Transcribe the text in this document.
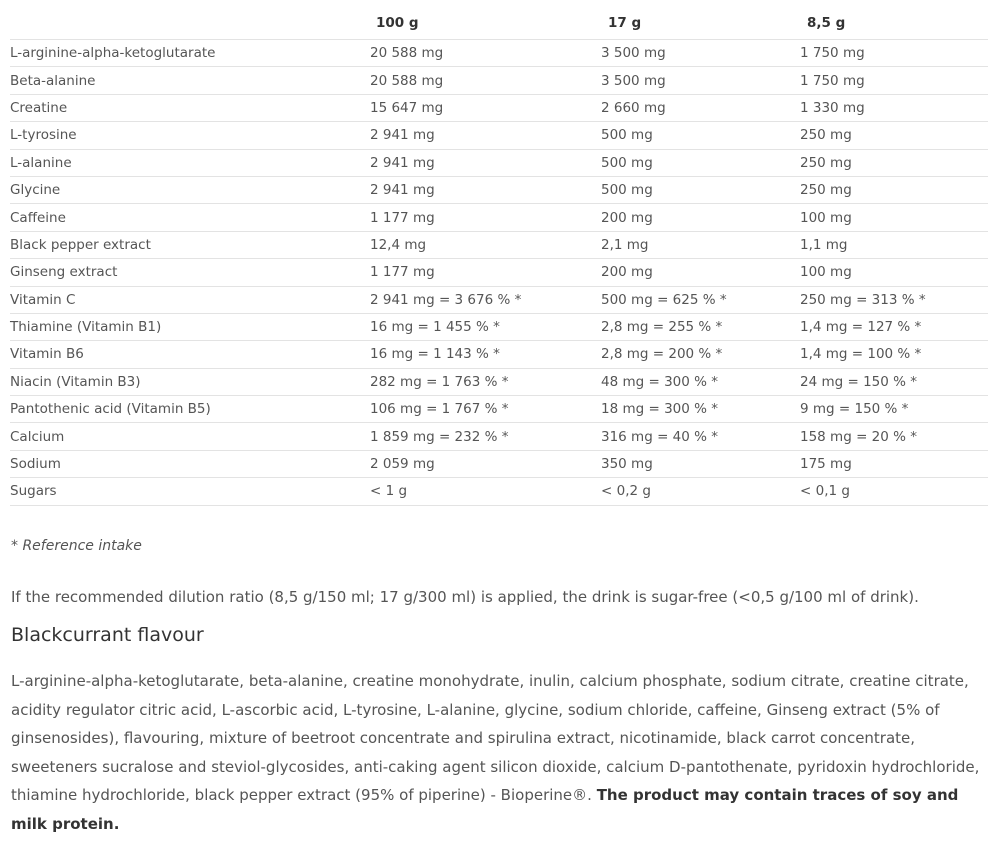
	100 g	17 g	8,5 g
L-arginine-alpha-ketoglutarate	20 588 mg	3 500 mg	1 750 mg
Beta-alanine	20 588 mg	3 500 mg	1 750 mg
Creatine	15 647 mg	2 660 mg	1 330 mg
L-tyrosine	2 941 mg	500 mg	250 mg
L-alanine	2 941 mg	500 mg	250 mg
Glycine	2 941 mg	500 mg	250 mg
Caffeine	1 177 mg	200 mg	100 mg
Black pepper extract	12,4 mg	2,1 mg	1,1 mg
Ginseng extract	1 177 mg	200 mg	100 mg
Vitamin C	2 941 mg = 3 676 % *	500 mg = 625 % *	250 mg = 313 % *
Thiamine (Vitamin B1)	16 mg = 1 455 % *	2,8 mg = 255 % *	1,4 mg = 127 % *
Vitamin B6	16 mg = 1 143 % *	2,8 mg = 200 % *	1,4 mg = 100 % *
Niacin (Vitamin B3)	282 mg = 1 763 % *	48 mg = 300 % *	24 mg = 150 % *
Pantothenic acid (Vitamin B5)	106 mg = 1 767 % *	18 mg = 300 % *	9 mg = 150 % *
Calcium	1 859 mg = 232 % *	316 mg = 40 % *	158 mg = 20 % *
Sodium	2 059 mg	350 mg	175 mg
Sugars	< 1 g	< 0,2 g	< 0,1 g

* Reference intake

If the recommended dilution ratio (8,5 g/150 ml; 17 g/300 ml) is applied, the drink is sugar-free (<0,5 g/100 ml of drink).

Blackcurrant flavour

L-arginine-alpha-ketoglutarate, beta-alanine, creatine monohydrate, inulin, calcium phosphate, sodium citrate, creatine citrate, acidity regulator citric acid, L-ascorbic acid, L-tyrosine, L-alanine, glycine, sodium chloride, caffeine, Ginseng extract (5% of ginsenosides), flavouring, mixture of beetroot concentrate and spirulina extract, nicotinamide, black carrot concentrate, sweeteners sucralose and steviol-glycosides, anti-caking agent silicon dioxide, calcium D-pantothenate, pyridoxin hydrochloride, thiamine hydrochloride, black pepper extract (95% of piperine) - Bioperine®. The product may contain traces of soy and milk protein.
